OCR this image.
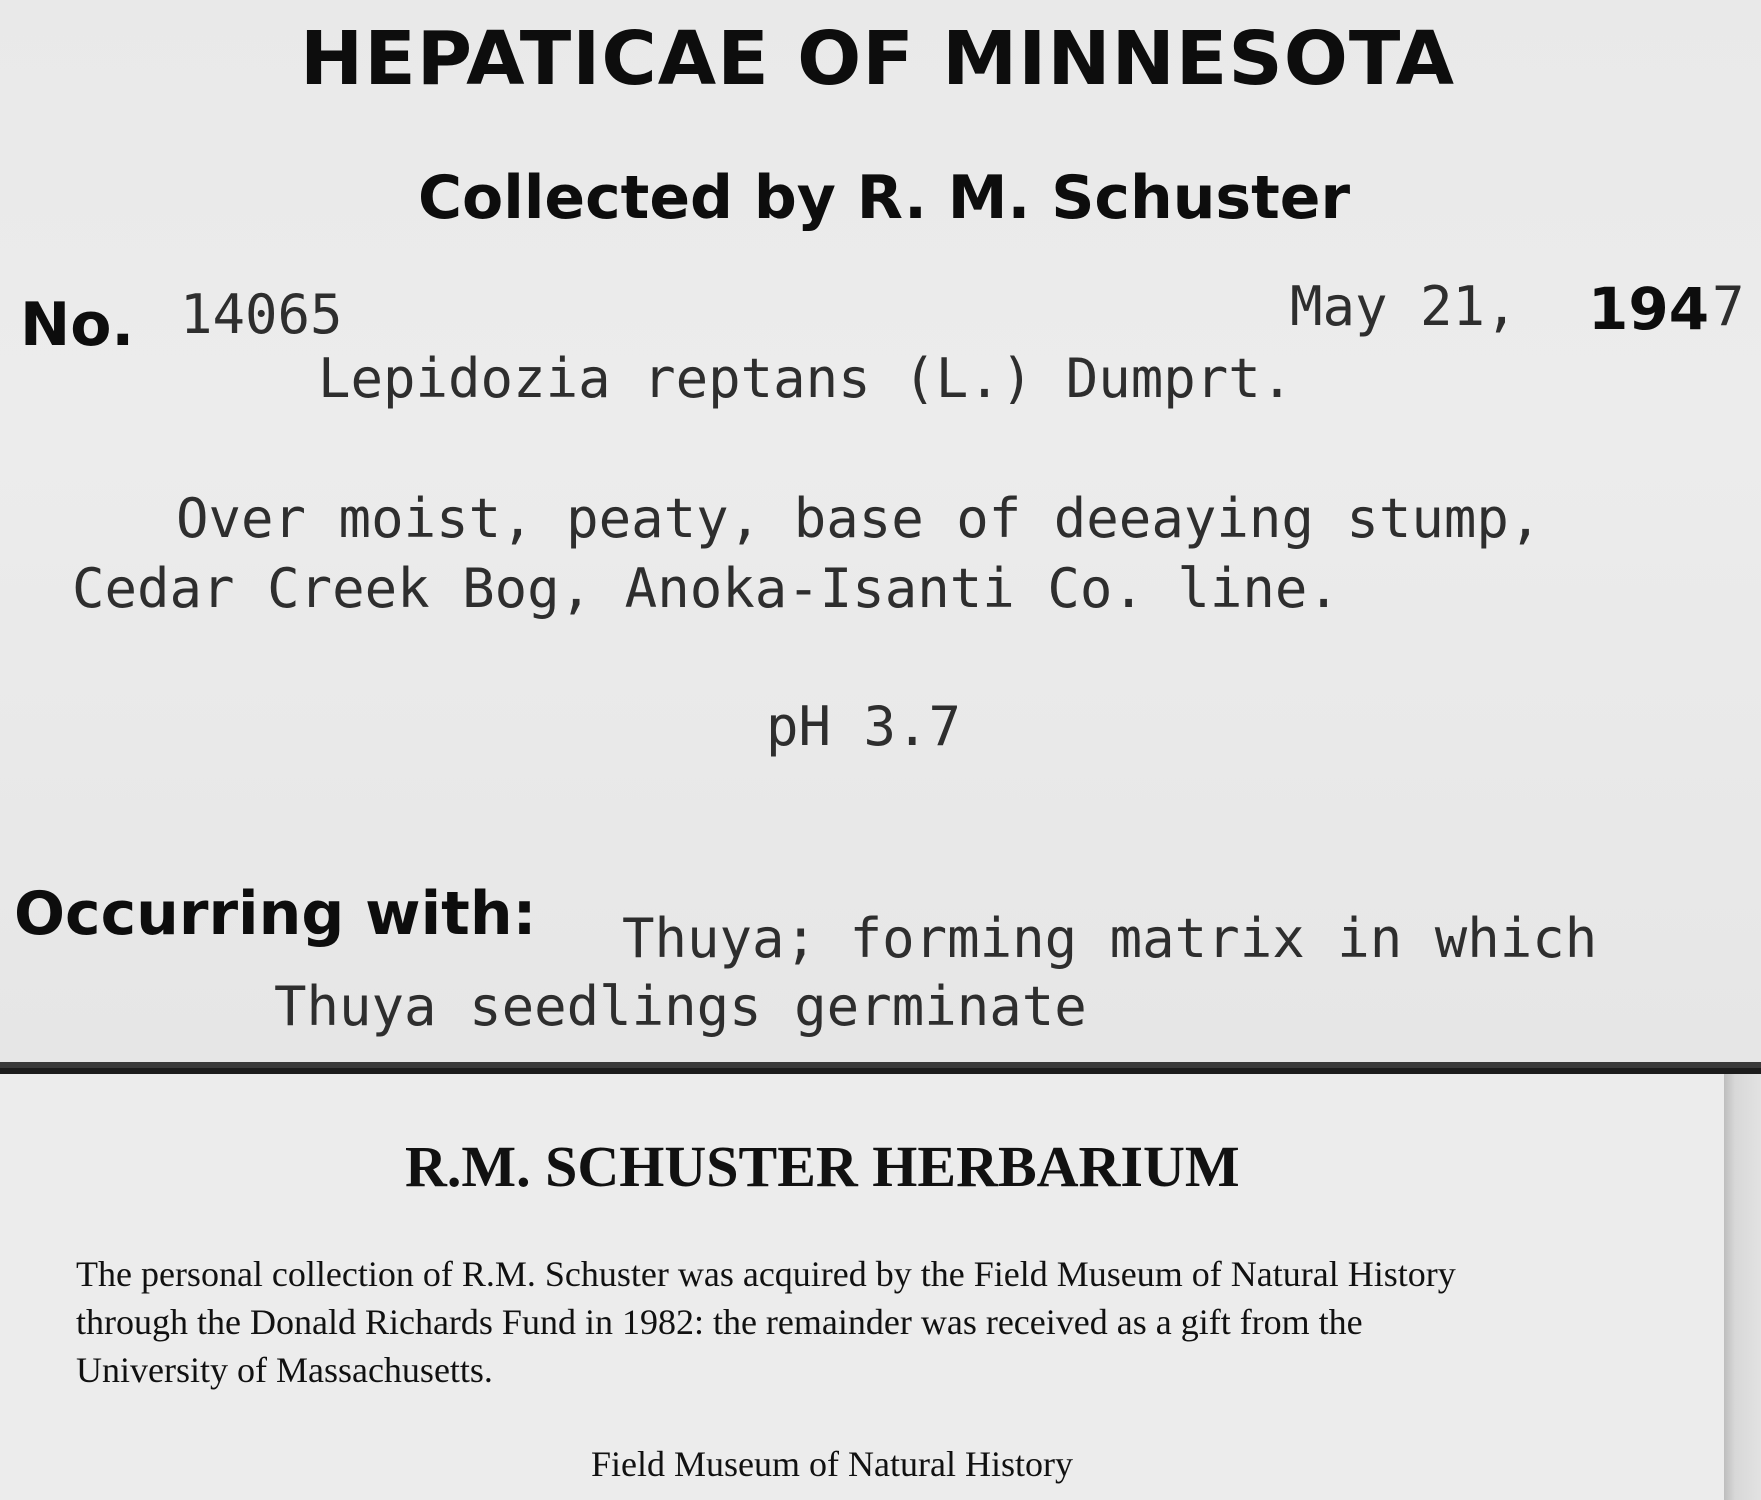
HEPATICAE OF MINNESOTA
Collected by R. M. Schuster
No. 14065	May 21, 194 7
Lepidozia reptans (L.) Dumprt.
Over moist, peaty, base of deeaying stump,
Cedar Creek Bog, Anoka-Isanti Co. line.
pH 3.7
Occurring with: Thuya; forming matrix in which
Thuya seedlings germinate
R.M. SCHUSTER HERBARIUM
The personal collection of R.M. Schuster was acquired by the Field Museum of Natural History
through the Donald Richards Fund in 1982: the remainder was received as a gift from the
University of Massachusetts.
Field Museum of Natural History
